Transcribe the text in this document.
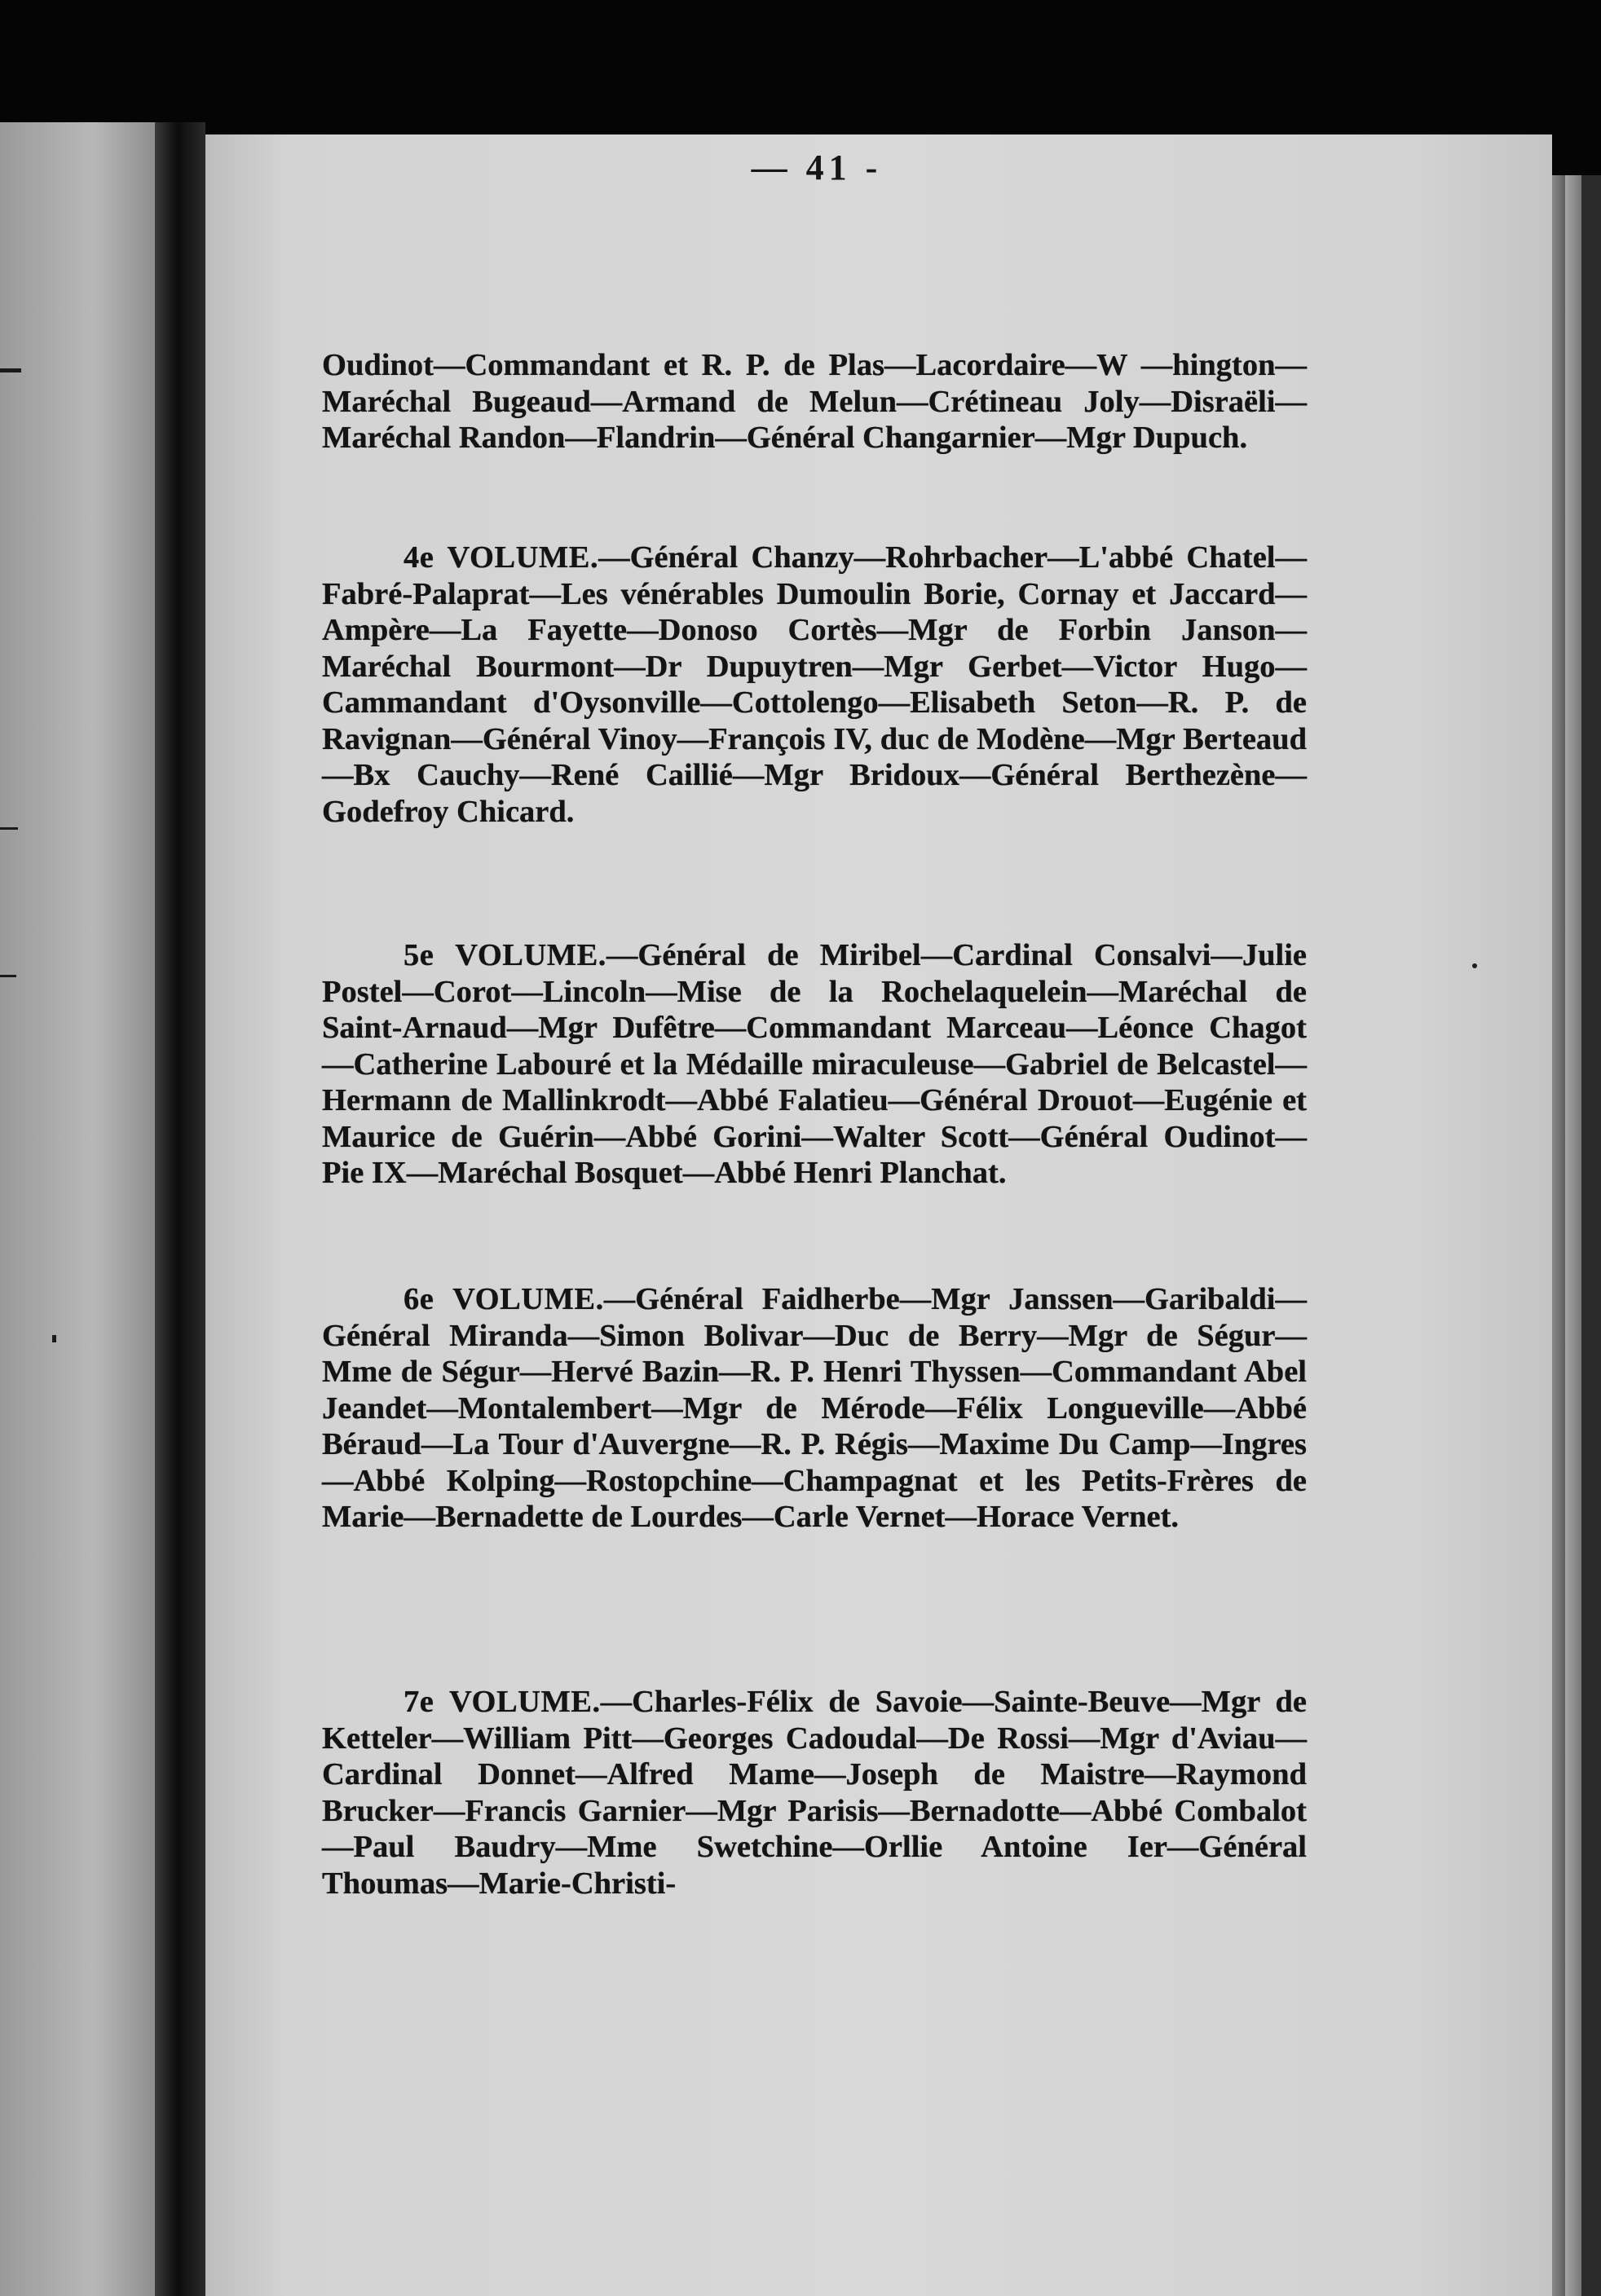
— 41 -

Oudinot—Commandant et R. P. de Plas—Lacordaire—W —hington—Maréchal Bugeaud—Armand de Melun—Crétineau Joly—Disraëli—Maréchal Randon—Flandrin—Général Changarnier—Mgr Dupuch.

4e VOLUME.—Général Chanzy—Rohrbacher—L'abbé Chatel—Fabré-Palaprat—Les vénérables Dumoulin Borie, Cornay et Jaccard—Ampère—La Fayette—Donoso Cortès—Mgr de Forbin Janson—Maréchal Bourmont—Dr Dupuytren—Mgr Gerbet—Victor Hugo—Cammandant d'Oysonville—Cottolengo—Elisabeth Seton—R. P. de Ravignan—Général Vinoy—François IV, duc de Modène—Mgr Berteaud—Bx Cauchy—René Caillié—Mgr Bridoux—Général Berthezène—Godefroy Chicard.

5e VOLUME.—Général de Miribel—Cardinal Consalvi—Julie Postel—Corot—Lincoln—Mise de la Rochelaquelein—Maréchal de Saint-Arnaud—Mgr Dufêtre—Commandant Marceau—Léonce Chagot—Catherine Labouré et la Médaille miraculeuse—Gabriel de Belcastel—Hermann de Mallinkrodt—Abbé Falatieu—Général Drouot—Eugénie et Maurice de Guérin—Abbé Gorini—Walter Scott—Général Oudinot—Pie IX—Maréchal Bosquet—Abbé Henri Planchat.

6e VOLUME.—Général Faidherbe—Mgr Janssen—Garibaldi—Général Miranda—Simon Bolivar—Duc de Berry—Mgr de Ségur—Mme de Ségur—Hervé Bazin—R. P. Henri Thyssen—Commandant Abel Jeandet—Montalembert—Mgr de Mérode—Félix Longueville—Abbé Béraud—La Tour d'Auvergne—R. P. Régis—Maxime Du Camp—Ingres—Abbé Kolping—Rostopchine—Champagnat et les Petits-Frères de Marie—Bernadette de Lourdes—Carle Vernet—Horace Vernet.

7e VOLUME.—Charles-Félix de Savoie—Sainte-Beuve—Mgr de Ketteler—William Pitt—Georges Cadoudal—De Rossi—Mgr d'Aviau—Cardinal Donnet—Alfred Mame—Joseph de Maistre—Raymond Brucker—Francis Garnier—Mgr Parisis—Bernadotte—Abbé Combalot—Paul Baudry—Mme Swetchine—Orllie Antoine Ier—Général Thoumas—Marie-Christi-
